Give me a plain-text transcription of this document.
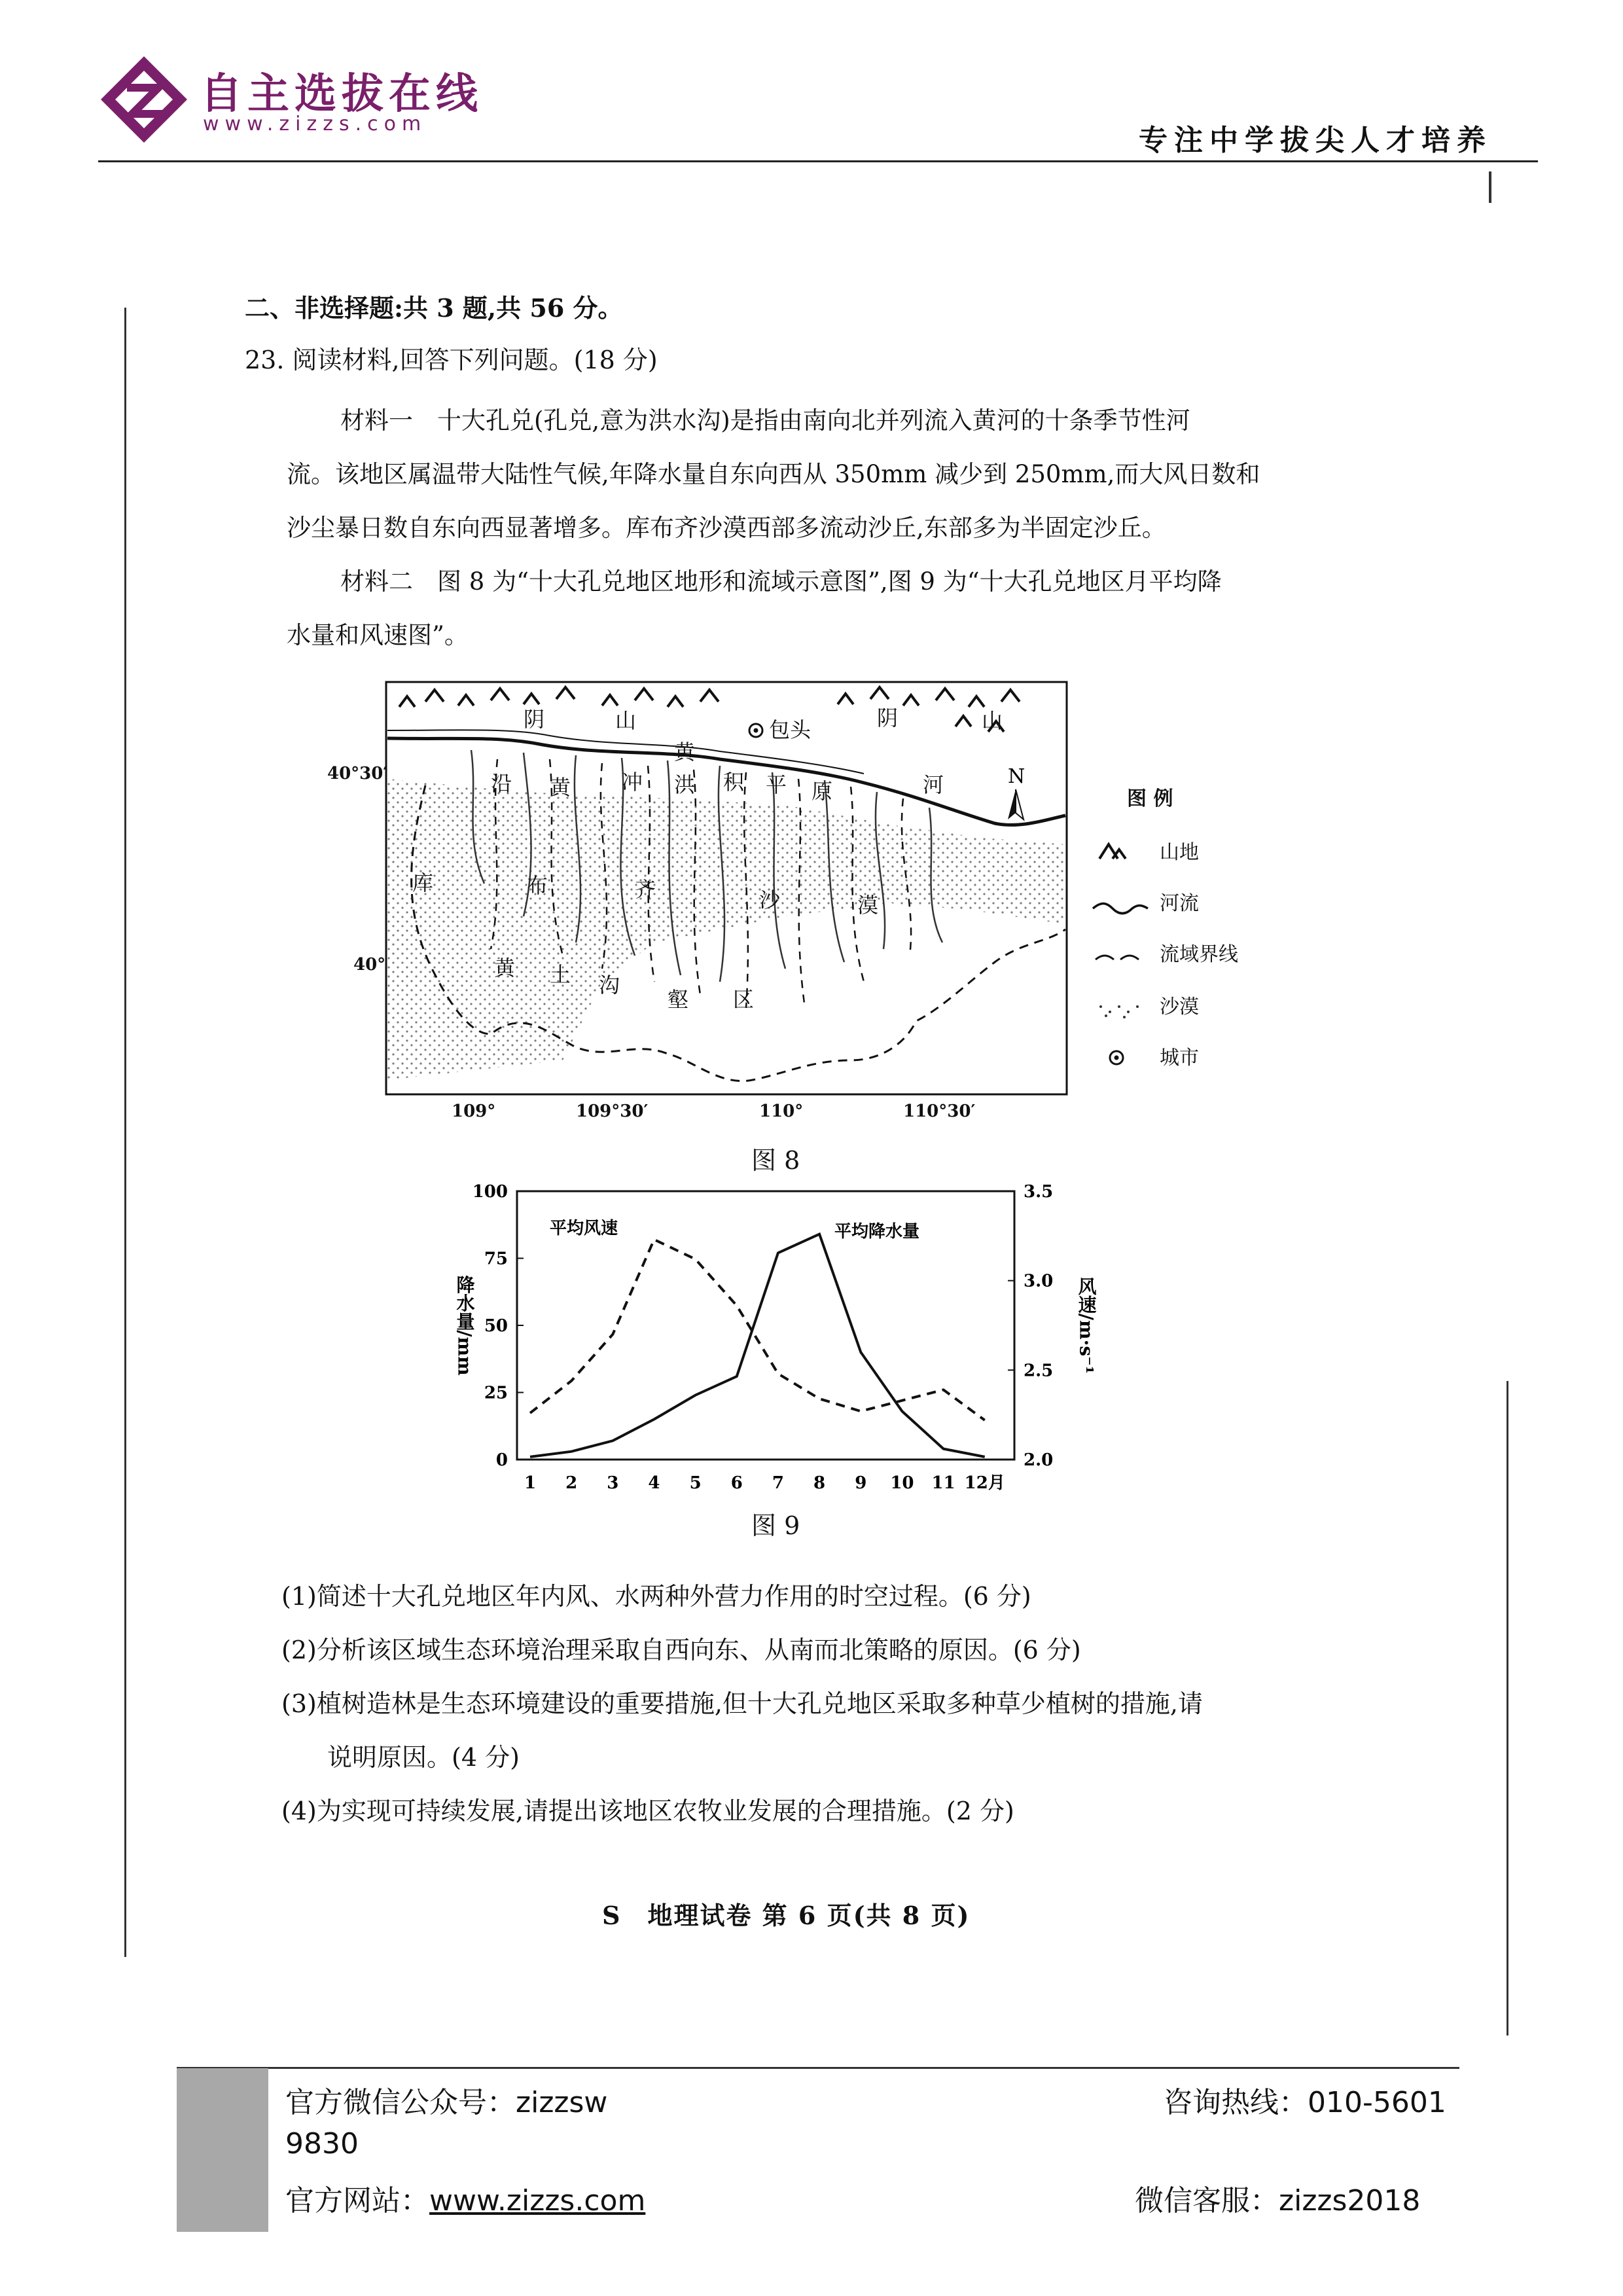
自主选拔在线
www.zizzs.com	专注中学拔尖人才培养
二、非选择题:共 3 题,共 56 分。
23. 阅读材料,回答下列问题。(18 分)
材料一　十大孔兑(孔兑,意为洪水沟)是指由南向北并列流入黄河的十条季节性河
流。该地区属温带大陆性气候,年降水量自东向西从 350mm 减少到 250mm,而大风日数和
沙尘暴日数自东向西显著增多。库布齐沙漠西部多流动沙丘,东部多为半固定沙丘。
材料二　图 8 为“十大孔兑地区地形和流域示意图”,图 9 为“十大孔兑地区月平均降
水量和风速图”。
阴	山	包头	阴	山
黄
河
沿 黄 冲 洪 积 平 原
库	布	齐	沙	漠
黄 土 沟
壑 区
N
40°30′
40°
109°	109°30′	110°	110°30′
图 例
山地
河流
流域界线
沙漠
城市
图 8
0
25
50
75
100
2.0
2.5
3.0
3.5
1 2 3 4 5 6 7 8 9 10 11 12月
降水量/mm	风速/m·s⁻¹
平均风速	平均降水量
图 9
(1)简述十大孔兑地区年内风、水两种外营力作用的时空过程。(6 分)
(2)分析该区域生态环境治理采取自西向东、从南而北策略的原因。(6 分)
(3)植树造林是生态环境建设的重要措施,但十大孔兑地区采取多种草少植树的措施,请
说明原因。(4 分)
(4)为实现可持续发展,请提出该地区农牧业发展的合理措施。(2 分)
S　地理试卷 第 6 页(共 8 页)
官方微信公众号：zizzsw	咨询热线：010-5601
9830
官方网站：www.zizzs.com	微信客服：zizzs2018
